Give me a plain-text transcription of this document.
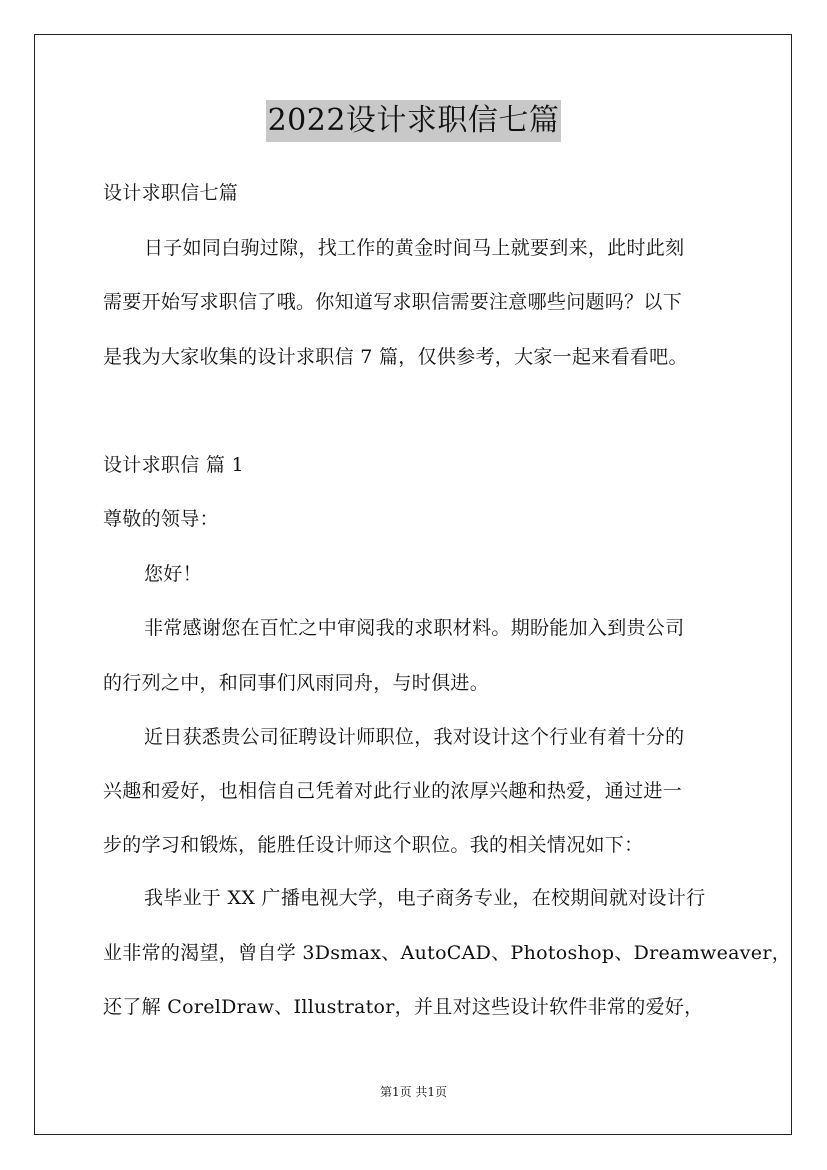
2022设计求职信七篇
设计求职信七篇
日子如同白驹过隙，找工作的黄金时间马上就要到来，此时此刻
需要开始写求职信了哦。你知道写求职信需要注意哪些问题吗？以下
是我为大家收集的设计求职信 7 篇，仅供参考，大家一起来看看吧。
设计求职信 篇 1
尊敬的领导：
您好！
非常感谢您在百忙之中审阅我的求职材料。期盼能加入到贵公司
的行列之中，和同事们风雨同舟，与时俱进。
近日获悉贵公司征聘设计师职位，我对设计这个行业有着十分的
兴趣和爱好，也相信自己凭着对此行业的浓厚兴趣和热爱，通过进一
步的学习和锻炼，能胜任设计师这个职位。我的相关情况如下：
我毕业于 XX 广播电视大学，电子商务专业，在校期间就对设计行
业非常的渴望，曾自学 3Dsmax、AutoCAD、Photoshop、Dreamweaver，
还了解 CorelDraw、Illustrator，并且对这些设计软件非常的爱好，
第1页 共1页
